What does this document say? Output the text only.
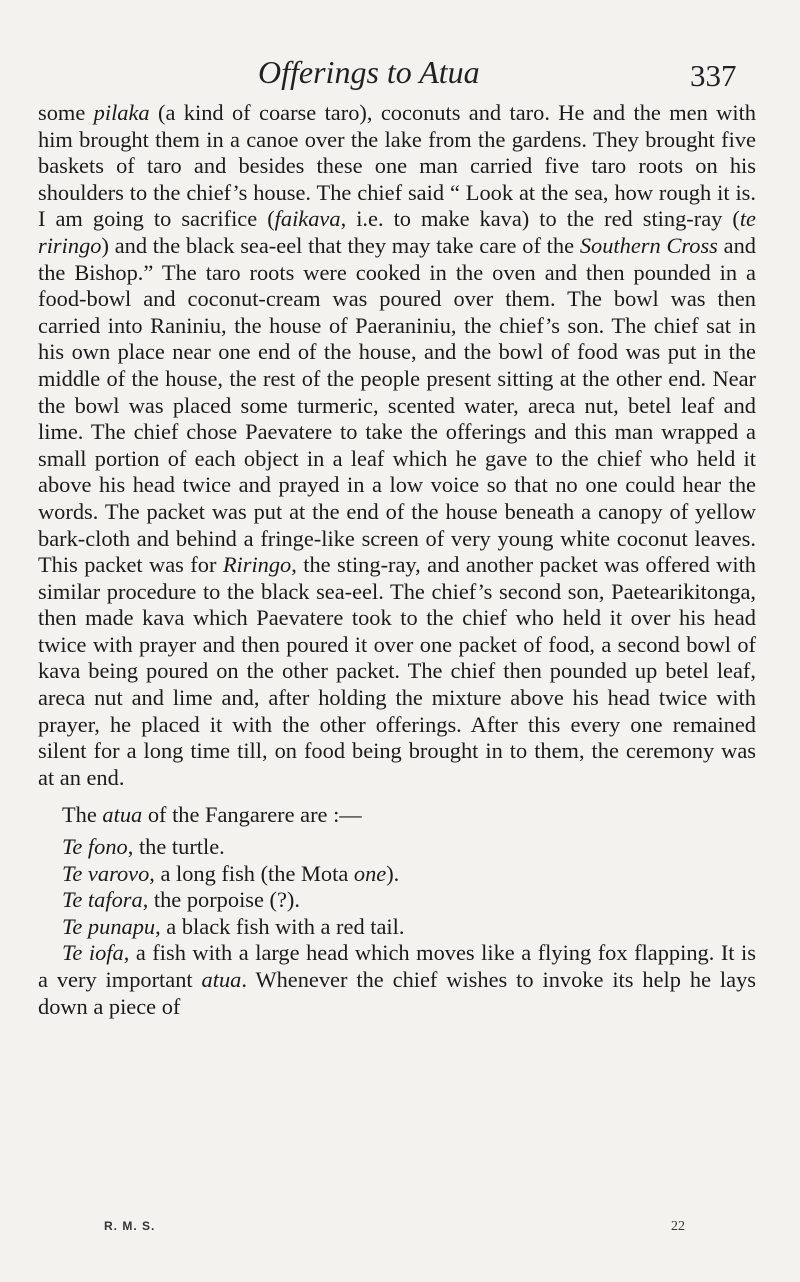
Offerings to Atua	337

some pilaka (a kind of coarse taro), coconuts and taro. He and the men with him brought them in a canoe over the lake from the gardens. They brought five baskets of taro and besides these one man carried five taro roots on his shoulders to the chief’s house. The chief said “ Look at the sea, how rough it is. I am going to sacrifice (faikava, i.e. to make kava) to the red sting-ray (te riringo) and the black sea-eel that they may take care of the Southern Cross and the Bishop.” The taro roots were cooked in the oven and then pounded in a food-bowl and coconut-cream was poured over them. The bowl was then carried into Raniniu, the house of Paeraniniu, the chief’s son. The chief sat in his own place near one end of the house, and the bowl of food was put in the middle of the house, the rest of the people present sitting at the other end. Near the bowl was placed some turmeric, scented water, areca nut, betel leaf and lime. The chief chose Paevatere to take the offerings and this man wrapped a small portion of each object in a leaf which he gave to the chief who held it above his head twice and prayed in a low voice so that no one could hear the words. The packet was put at the end of the house beneath a canopy of yellow bark-cloth and behind a fringe-like screen of very young white coconut leaves. This packet was for Riringo, the sting-ray, and another packet was offered with similar procedure to the black sea-eel. The chief’s second son, Paetearikitonga, then made kava which Paevatere took to the chief who held it over his head twice with prayer and then poured it over one packet of food, a second bowl of kava being poured on the other packet. The chief then pounded up betel leaf, areca nut and lime and, after holding the mixture above his head twice with prayer, he placed it with the other offerings. After this every one remained silent for a long time till, on food being brought in to them, the ceremony was at an end.

The atua of the Fangarere are :—

Te fono, the turtle.
Te varovo, a long fish (the Mota one).
Te tafora, the porpoise (?).
Te punapu, a black fish with a red tail.
Te iofa, a fish with a large head which moves like a flying fox flapping. It is a very important atua. Whenever the chief wishes to invoke its help he lays down a piece of
R. M. S.	22
